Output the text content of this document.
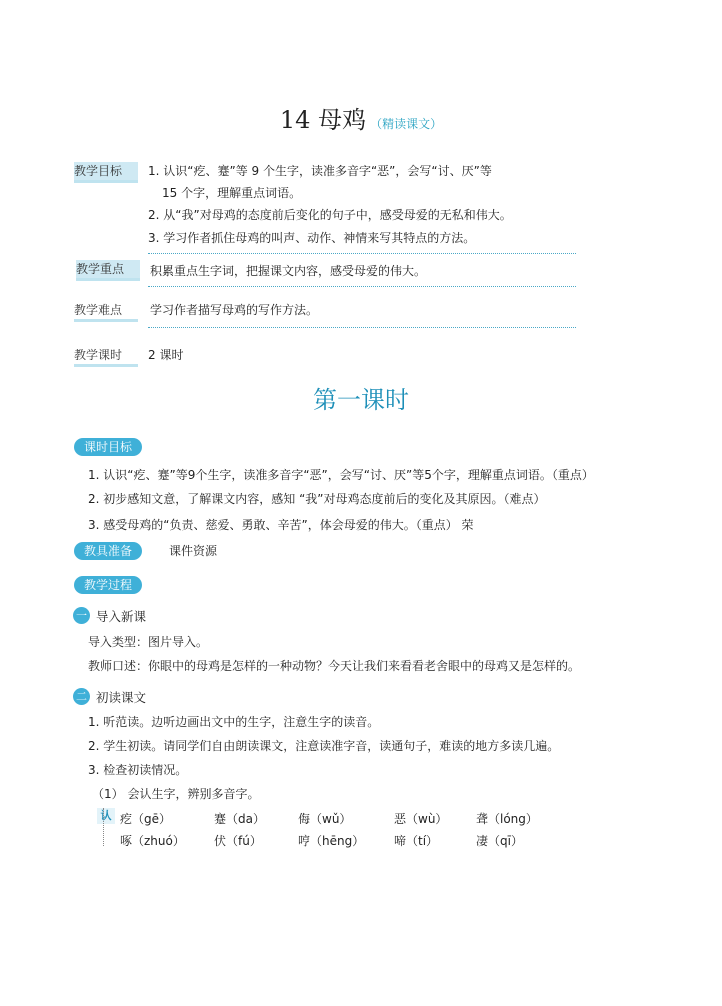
14 母鸡 （精读课文）
教学目标	1. 认识“疙、蹇”等 9 个生字，读准多音字“恶”，会写“讨、厌”等
15 个字，理解重点词语。
2. 从“我”对母鸡的态度前后变化的句子中，感受母爱的无私和伟大。
3. 学习作者抓住母鸡的叫声、动作、神情来写其特点的方法。
教学重点	积累重点生字词，把握课文内容，感受母爱的伟大。
教学难点	学习作者描写母鸡的写作方法。
教学课时	2 课时
第一课时
课时目标
1. 认识“疙、蹇”等9个生字，读准多音字“恶”，会写“讨、厌”等5个字，理解重点词语。（重点）
2. 初步感知文意，了解课文内容，感知 “我”对母鸡态度前后的变化及其原因。（难点）
3. 感受母鸡的“负责、慈爱、勇敢、辛苦”，体会母爱的伟大。（重点） 荣
教具准备	课件资源
教学过程
一 导入新课
导入类型：图片导入。
教师口述：你眼中的母鸡是怎样的一种动物？今天让我们来看看老舍眼中的母鸡又是怎样的。
二 初读课文
1. 听范读。边听边画出文中的生字，注意生字的读音。
2. 学生初读。请同学们自由朗读课文，注意读准字音，读通句子，难读的地方多读几遍。
3. 检查初读情况。
（1） 会认生字，辨别多音字。
认 疙（gē）	蹇（da）	侮（wǔ）	恶（wù） 聋（lóng）
啄（zhuó） 伏（fú）	哼（hēng） 啼（tí）	凄（qī）
